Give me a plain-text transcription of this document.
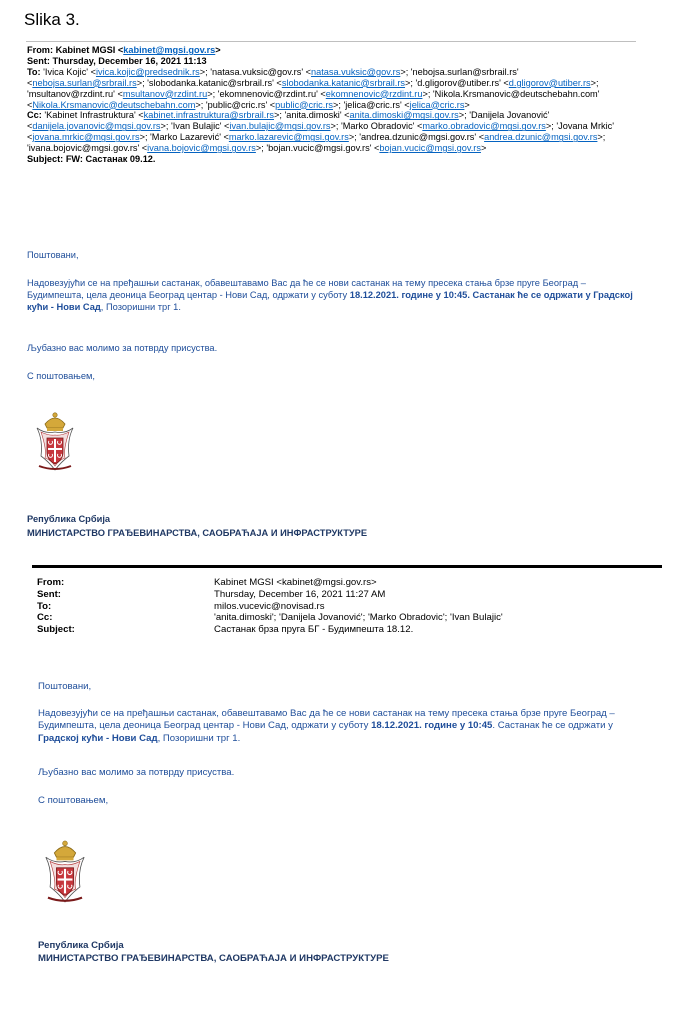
Slika 3.
From: Kabinet MGSI <kabinet@mgsi.gov.rs>
Sent: Thursday, December 16, 2021 11:13
To: 'Ivica Kojic' <ivica.kojic@predsednik.rs>; 'natasa.vuksic@gov.rs' <natasa.vuksic@gov.rs>; 'nebojsa.surlan@srbrail.rs' <nebojsa.surlan@srbrail.rs>; 'slobodanka.katanic@srbrail.rs' <slobodanka.katanic@srbrail.rs>; 'd.gligorov@utiber.rs' <d.gligorov@utiber.rs>; 'msultanov@rzdint.ru' <msultanov@rzdint.ru>; 'ekomnenovic@rzdint.ru' <ekomnenovic@rzdint.ru>; 'Nikola.Krsmanovic@deutschebahn.com' <Nikola.Krsmanovic@deutschebahn.com>; 'public@cric.rs' <public@cric.rs>; 'jelica@cric.rs' <jelica@cric.rs>
Cc: 'Kabinet Infrastruktura' <kabinet.infrastruktura@srbrail.rs>; 'anita.dimoski' <anita.dimoski@mgsi.gov.rs>; 'Danijela Jovanović' <danijela.jovanovic@mgsi.gov.rs>; 'Ivan Bulajic' <ivan.bulajic@mgsi.gov.rs>; 'Marko Obradovic' <marko.obradovic@mgsi.gov.rs>; 'Jovana Mrkic' <jovana.mrkic@mgsi.gov.rs>; 'Marko Lazarević' <marko.lazarevic@mgsi.gov.rs>; 'andrea.dzunic@mgsi.gov.rs' <andrea.dzunic@mgsi.gov.rs>; 'ivana.bojovic@mgsi.gov.rs' <ivana.bojovic@mgsi.gov.rs>; 'bojan.vucic@mgsi.gov.rs' <bojan.vucic@mgsi.gov.rs>
Subject: FW: Састанак 09.12.
Поштовани,
Надовезујући се на пређашњи састанак, обавештавамо Вас да ће се нови састанак на тему пресека стања брзе пруге Београд – Будимпешта, цела деоница Београд центар - Нови Сад, одржати у суботу 18.12.2021. године у 10:45. Састанак ће се одржати у Градској кући - Нови Сад, Позоришни трг 1.
Љубазно вас молимо за потврду присуства.
С поштовањем,
Република Србија
МИНИСТАРСТВО ГРАЂЕВИНАРСТВА, САОБРАЋАЈА И ИНФРАСТРУКТУРЕ
From:	Kabinet MGSI <kabinet@mgsi.gov.rs>
Sent:	Thursday, December 16, 2021 11:27 AM
To:	milos.vucevic@novisad.rs
Cc:	'anita.dimoski'; 'Danijela Jovanović'; 'Marko Obradovic'; 'Ivan Bulajic'
Subject:	Састанак брза пруга БГ - Будимпешта 18.12.
Поштовани,
Надовезујући се на пређашњи састанак, обавештавамо Вас да ће се нови састанак на тему пресека стања брзе пруге Београд – Будимпешта, цела деоница Београд центар - Нови Сад, одржати у суботу 18.12.2021. године у 10:45. Састанак ће се одржати у Градској кући - Нови Сад, Позоришни трг 1.
Љубазно вас молимо за потврду присуства.
С поштовањем,
Република Србија
МИНИСТАРСТВО ГРАЂЕВИНАРСТВА, САОБРАЋАЈА И ИНФРАСТРУКТУРЕ
